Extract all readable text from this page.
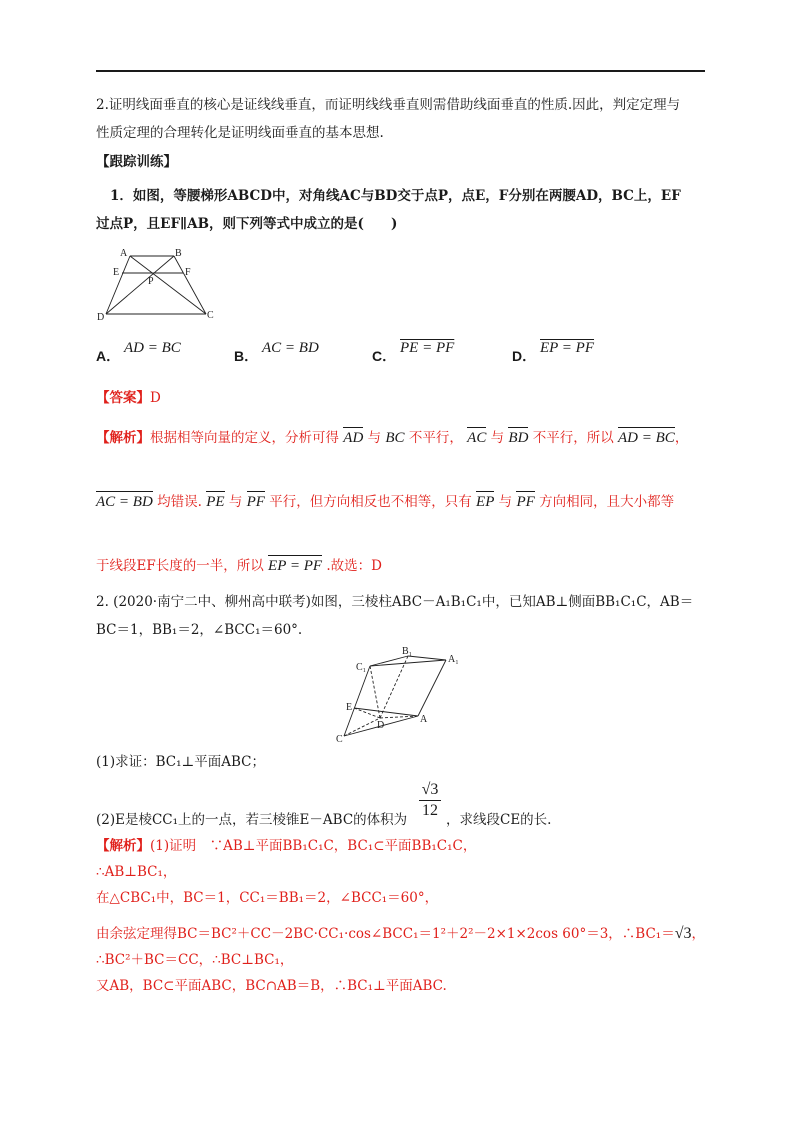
2.证明线面垂直的核心是证线线垂直，而证明线线垂直则需借助线面垂直的性质.因此，判定定理与
性质定理的合理转化是证明线面垂直的基本思想.
【跟踪训练】
1．如图，等腰梯形ABCD中，对角线AC与BD交于点P，点E，F分别在两腰AD，BC上，EF
过点P，且EF∥AB，则下列等式中成立的是(　　)
A	B
E	F
P
D	C
A． AD = BC	B． AC = BD	C． PE = PF	D． EP = PF
【答案】D
【解析】根据相等向量的定义，分析可得 AD 与 BC 不平行， AC 与 BD 不平行，所以 AD = BC
，
AC = BD 均错误. PE 与 PF 平行，但方向相反也不相等，只有 EP 与 PF 方向相同，且大小都等
于线段EF长度的一半，所以 EP = PF .故选：D
2. (2020·南宁二中、柳州高中联考)如图，三棱柱ABC－A₁B₁C₁中，已知AB⊥侧面BB₁C₁C，AB＝
BC＝1，BB₁＝2，∠BCC₁＝60°.
B₁
A₁
C₁
E
D
A
C
(1)求证：BC₁⊥平面ABC；
$\frac{√3}{12}$
(2)E是棱CC₁上的一点，若三棱锥E－ABC的体积为	，求线段CE的长.
【解析】(1)证明　∵AB⊥平面BB₁C₁C，BC₁⊂平面BB₁C₁C，
∴AB⊥BC₁，
在△CBC₁中，BC＝1，CC₁＝BB₁＝2，∠BCC₁＝60°，
由余弦定理得BC＝BC²＋CC－2BC·CC₁·cos∠BCC₁＝1²＋2²－2×1×2cos 60°＝3，∴BC₁＝√3，
∴BC²＋BC＝CC，∴BC⊥BC₁，
又AB，BC⊂平面ABC，BC∩AB＝B，∴BC₁⊥平面ABC.
